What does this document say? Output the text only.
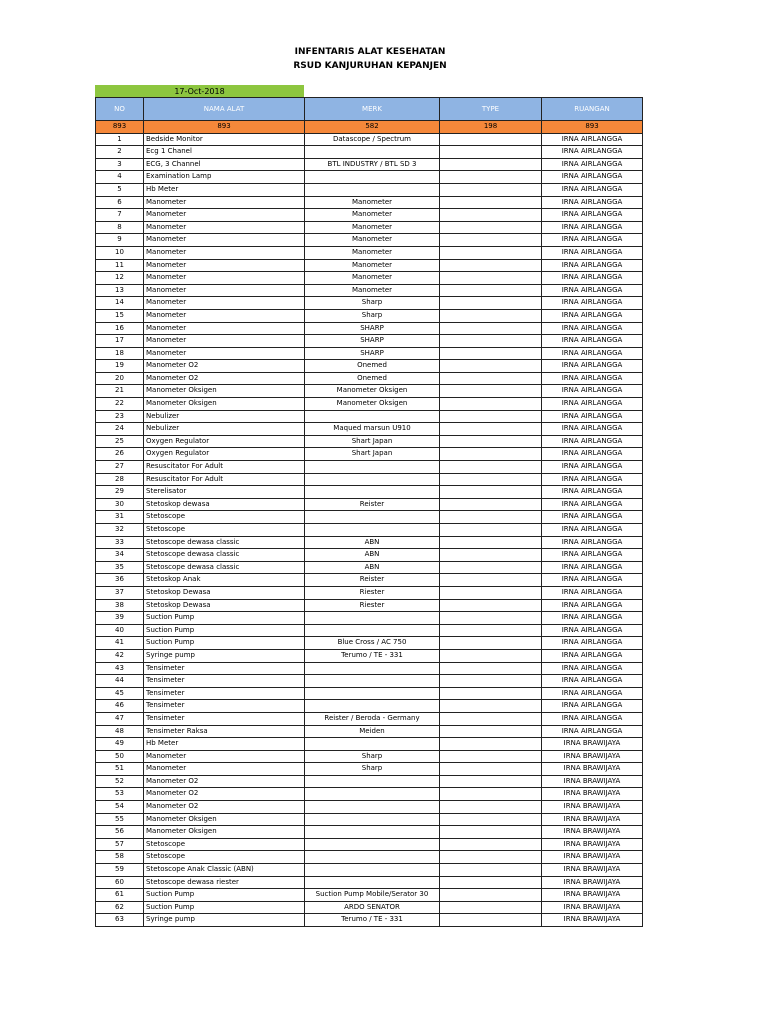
INFENTARIS ALAT KESEHATAN
RSUD KANJURUHAN KEPANJEN
17-Oct-2018
NO	NAMA ALAT	MERK	TYPE	RUANGAN
893	893	582	198	893
1	Bedside Monitor	Datascope / Spectrum		IRNA AIRLANGGA
2	Ecg 1 Chanel			IRNA AIRLANGGA
3	ECG, 3 Channel	BTL INDUSTRY / BTL SD 3		IRNA AIRLANGGA
4	Examination Lamp			IRNA AIRLANGGA
5	Hb Meter			IRNA AIRLANGGA
6	Manometer	Manometer		IRNA AIRLANGGA
7	Manometer	Manometer		IRNA AIRLANGGA
8	Manometer	Manometer		IRNA AIRLANGGA
9	Manometer	Manometer		IRNA AIRLANGGA
10	Manometer	Manometer		IRNA AIRLANGGA
11	Manometer	Manometer		IRNA AIRLANGGA
12	Manometer	Manometer		IRNA AIRLANGGA
13	Manometer	Manometer		IRNA AIRLANGGA
14	Manometer	Sharp		IRNA AIRLANGGA
15	Manometer	Sharp		IRNA AIRLANGGA
16	Manometer	SHARP		IRNA AIRLANGGA
17	Manometer	SHARP		IRNA AIRLANGGA
18	Manometer	SHARP		IRNA AIRLANGGA
19	Manometer O2	Onemed		IRNA AIRLANGGA
20	Manometer O2	Onemed		IRNA AIRLANGGA
21	Manometer Oksigen	Manometer Oksigen		IRNA AIRLANGGA
22	Manometer Oksigen	Manometer Oksigen		IRNA AIRLANGGA
23	Nebulizer			IRNA AIRLANGGA
24	Nebulizer	Maqued marsun U910		IRNA AIRLANGGA
25	Oxygen Regulator	Shart Japan		IRNA AIRLANGGA
26	Oxygen Regulator	Shart Japan		IRNA AIRLANGGA
27	Resuscitator For Adult			IRNA AIRLANGGA
28	Resuscitator For Adult			IRNA AIRLANGGA
29	Sterelisator			IRNA AIRLANGGA
30	Stetoskop dewasa	Reister		IRNA AIRLANGGA
31	Stetoscope			IRNA AIRLANGGA
32	Stetoscope			IRNA AIRLANGGA
33	Stetoscope dewasa classic	ABN		IRNA AIRLANGGA
34	Stetoscope dewasa classic	ABN		IRNA AIRLANGGA
35	Stetoscope dewasa classic	ABN		IRNA AIRLANGGA
36	Stetoskop Anak	Reister		IRNA AIRLANGGA
37	Stetoskop Dewasa	Riester		IRNA AIRLANGGA
38	Stetoskop Dewasa	Riester		IRNA AIRLANGGA
39	Suction Pump			IRNA AIRLANGGA
40	Suction Pump			IRNA AIRLANGGA
41	Suction Pump	Blue Cross / AC 750		IRNA AIRLANGGA
42	Syringe pump	Terumo / TE - 331		IRNA AIRLANGGA
43	Tensimeter			IRNA AIRLANGGA
44	Tensimeter			IRNA AIRLANGGA
45	Tensimeter			IRNA AIRLANGGA
46	Tensimeter			IRNA AIRLANGGA
47	Tensimeter	Reister / Beroda - Germany		IRNA AIRLANGGA
48	Tensimeter Raksa	Meiden		IRNA AIRLANGGA
49	Hb Meter			IRNA BRAWIJAYA
50	Manometer	Sharp		IRNA BRAWIJAYA
51	Manometer	Sharp		IRNA BRAWIJAYA
52	Manometer O2			IRNA BRAWIJAYA
53	Manometer O2			IRNA BRAWIJAYA
54	Manometer O2			IRNA BRAWIJAYA
55	Manometer Oksigen			IRNA BRAWIJAYA
56	Manometer Oksigen			IRNA BRAWIJAYA
57	Stetoscope			IRNA BRAWIJAYA
58	Stetoscope			IRNA BRAWIJAYA
59	Stetoscope Anak Classic (ABN)			IRNA BRAWIJAYA
60	Stetoscope dewasa riester			IRNA BRAWIJAYA
61	Suction Pump	Suction Pump Mobile/Serator 30		IRNA BRAWIJAYA
62	Suction Pump	ARDO SENATOR		IRNA BRAWIJAYA
63	Syringe pump	Terumo / TE - 331		IRNA BRAWIJAYA
